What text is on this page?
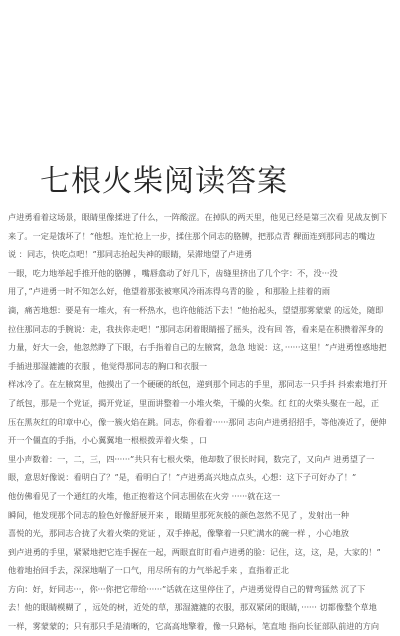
七根火柴阅读答案
卢进勇看着这场景，眼睛里像揉进了什么，一阵酸涩。在掉队的两天里，他见已经是第三次看 见战友倒下
来了。一定是饿坏了！”他想。连忙抢上一步，揉住那个同志的胳膊，把那点青 稞面连到那同志的嘴边
说 ：同志，快吃点吧！”那同志抬起失神的眼睛，呆滞地望了卢进勇
一眼，吃力地举起手推开他的胳膊 ，嘴唇翕动了好几下，齿缝里挤出了几个字：不，没···没
用了，”卢进勇一时不知怎么好，他望着那张被寒风冷雨冻得乌青的脸 ，和那脸上挂着的雨
滴，痛苦地想：要是有一堆火，有一杯热水，也许他能活下去！”他抬起头，望望那雾蒙蒙 的远处，随即
拉住那同志的手腕说：走，我扶你走吧！”那同志闭着眼睛摇了摇头，没有回 答，看来是在积攒着浑身的
力量，好大一会，他忽然睁了下眼，右手指着自己的左腋窝，急急 地说：这，······这里！”卢进勇惶惑地把
手插进那湿漉漉的衣服 ，他觉得那同志的胸口和衣服一
样冰冷了。在左腋窝里，他摸出了一个硬硬的纸包，递到那个同志的手里，那同志一只手抖 抖索索地打开
了纸包，那是一个党证，揭开党证，里面讲整着一小堆火柴，干燥的火柴。红 红的火柴头聚在一起，正
压在黑灰红的印章中心，像一簇火焰在跳。同志，你看着······那同 志向卢进勇招招手，等他凑近了，便伸
开一个僵直的手指，小心翼翼地一根根拨弄着火柴 ，口
里小声数着：一，二，三，四······”共只有七根火柴，他却数了很长时间，数完了，又向卢 进勇望了一
眼，意思好像说：看明白了？”是，看明白了！”卢进勇高兴地点点头，心想：这下子可好办了！”
他仿佛看见了一个通红的火堆，他正抱着这个同志围依在火旁 ······就在这一
瞬间，他发现那个同志的脸色好像舒展开来 ，眼睛里那死灰般的颜色忽然不见了 ，发射出一种
喜悦的光，那同志合拢了火着火柴的党证 ，双手捧起，像擎着一只贮满水的碗一样 ，小心地放
到卢进勇的手里，紧紧地把它连手握在一起，两眼直盯盯看卢进勇的脸：记住，这，这，是，大家的！”
他着地抬回手去，深深地喘了一口气，用尽所有的力气举起手来 ，直指着正北
方向：好，好同志···，你···你把它带给······”话就在这里停住了，卢进勇觉得自己的臂弯猛然 沉了下
去！他的眼睛模糊了 ，远处的树，近处的草，那湿漉漉的衣服，那双紧闭的眼睛，······ 切都像整个草地
一样，雾蒙蒙的；只有那只手是清晰的，它高高地擎着，像一只路标，笔直地 指向长征部队前进的方向
